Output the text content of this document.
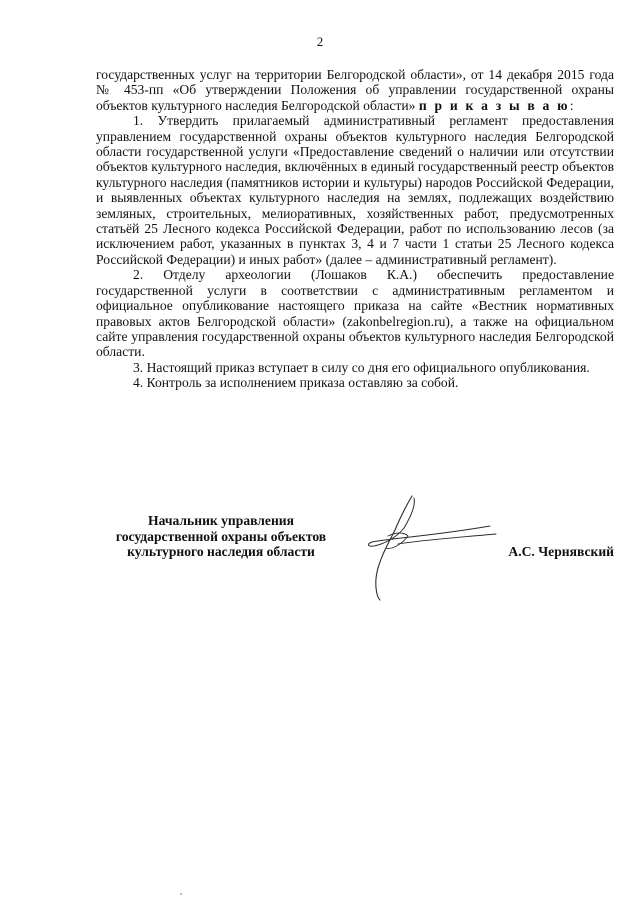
2

государственных услуг на территории Белгородской области», от 14 декабря 2015 года № 453-пп «Об утверждении Положения об управлении государственной охраны объектов культурного наследия Белгородской области» п р и к а з ы в а ю:

1. Утвердить прилагаемый административный регламент предоставления управлением государственной охраны объектов культурного наследия Белгородской области государственной услуги «Предоставление сведений о наличии или отсутствии объектов культурного наследия, включённых в единый государственный реестр объектов культурного наследия (памятников истории и культуры) народов Российской Федерации, и выявленных объектах культурного наследия на землях, подлежащих воздействию земляных, строительных, мелиоративных, хозяйственных работ, предусмотренных статьёй 25 Лесного кодекса Российской Федерации, работ по использованию лесов (за исключением работ, указанных в пунктах 3, 4 и 7 части 1 статьи 25 Лесного кодекса Российской Федерации) и иных работ» (далее – административный регламент).

2. Отделу археологии (Лошаков К.А.) обеспечить предоставление государственной услуги в соответствии с административным регламентом и официальное опубликование настоящего приказа на сайте «Вестник нормативных правовых актов Белгородской области» (zakonbelregion.ru), а также на официальном сайте управления государственной охраны объектов культурного наследия Белгородской области.

3. Настоящий приказ вступает в силу со дня его официального опубликования.

4. Контроль за исполнением приказа оставляю за собой.

Начальник управления
государственной охраны объектов
культурного наследия области	А.С. Чернявский
